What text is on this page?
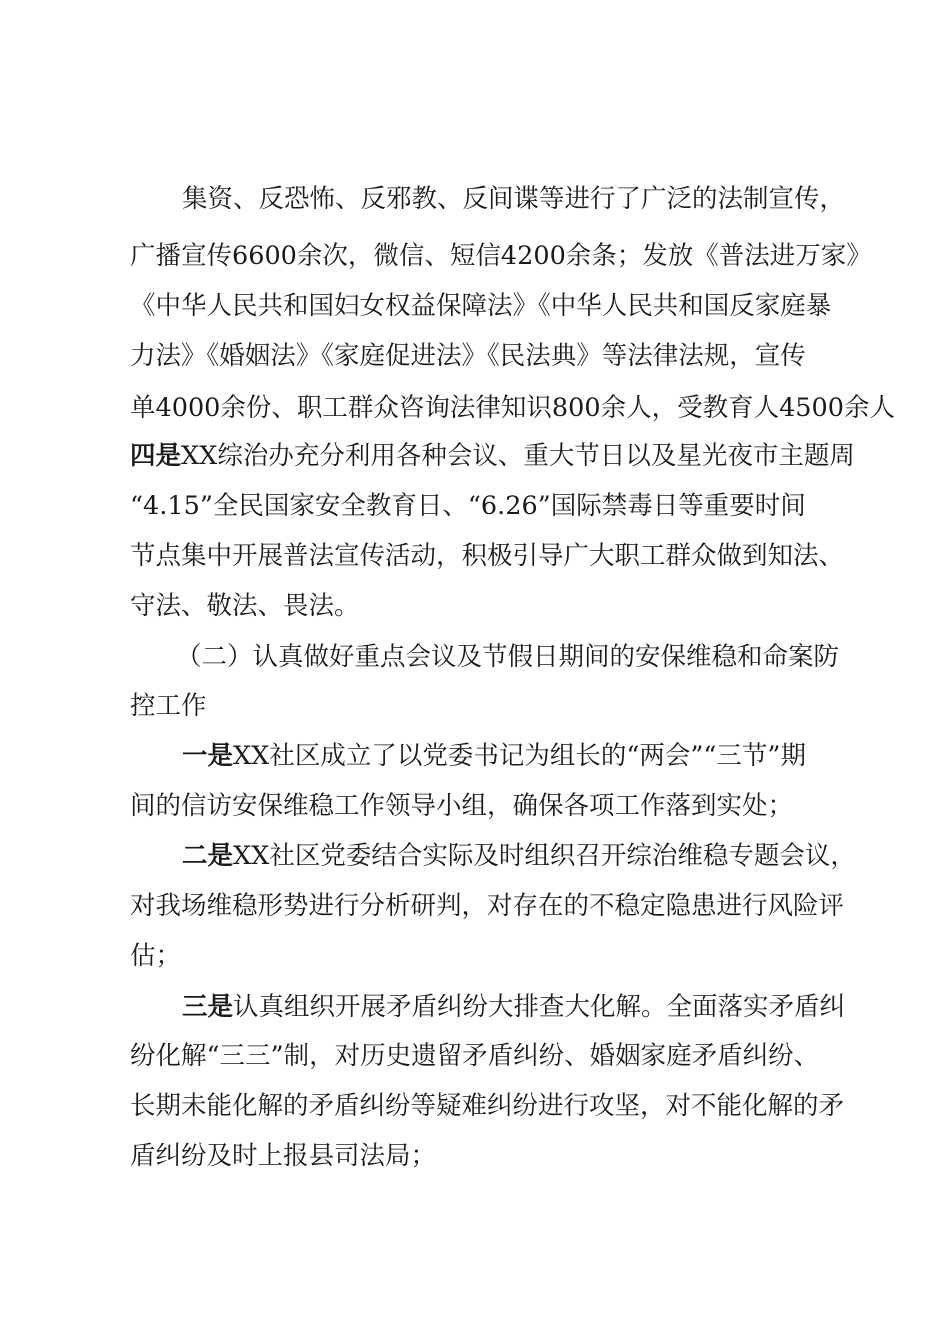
集资、反恐怖、反邪教、反间谍等进行了广泛的法制宣传，
广播宣传6600余次，微信、短信4200余条；发放《普法进万家》
《中华人民共和国妇女权益保障法》《中华人民共和国反家庭暴
力法》《婚姻法》《家庭促进法》《民法典》等法律法规，宣传
单4000余份、职工群众咨询法律知识800余人，受教育人4500余人
四是XX综治办充分利用各种会议、重大节日以及星光夜市主题周
“4.15”全民国家安全教育日、“6.26”国际禁毒日等重要时间
节点集中开展普法宣传活动，积极引导广大职工群众做到知法、
守法、敬法、畏法。
（二）认真做好重点会议及节假日期间的安保维稳和命案防
控工作
一是XX社区成立了以党委书记为组长的“两会”“三节”期
间的信访安保维稳工作领导小组，确保各项工作落到实处；
二是XX社区党委结合实际及时组织召开综治维稳专题会议，
对我场维稳形势进行分析研判，对存在的不稳定隐患进行风险评
估；
三是认真组织开展矛盾纠纷大排查大化解。全面落实矛盾纠
纷化解“三三”制，对历史遗留矛盾纠纷、婚姻家庭矛盾纠纷、
长期未能化解的矛盾纠纷等疑难纠纷进行攻坚，对不能化解的矛
盾纠纷及时上报县司法局；
